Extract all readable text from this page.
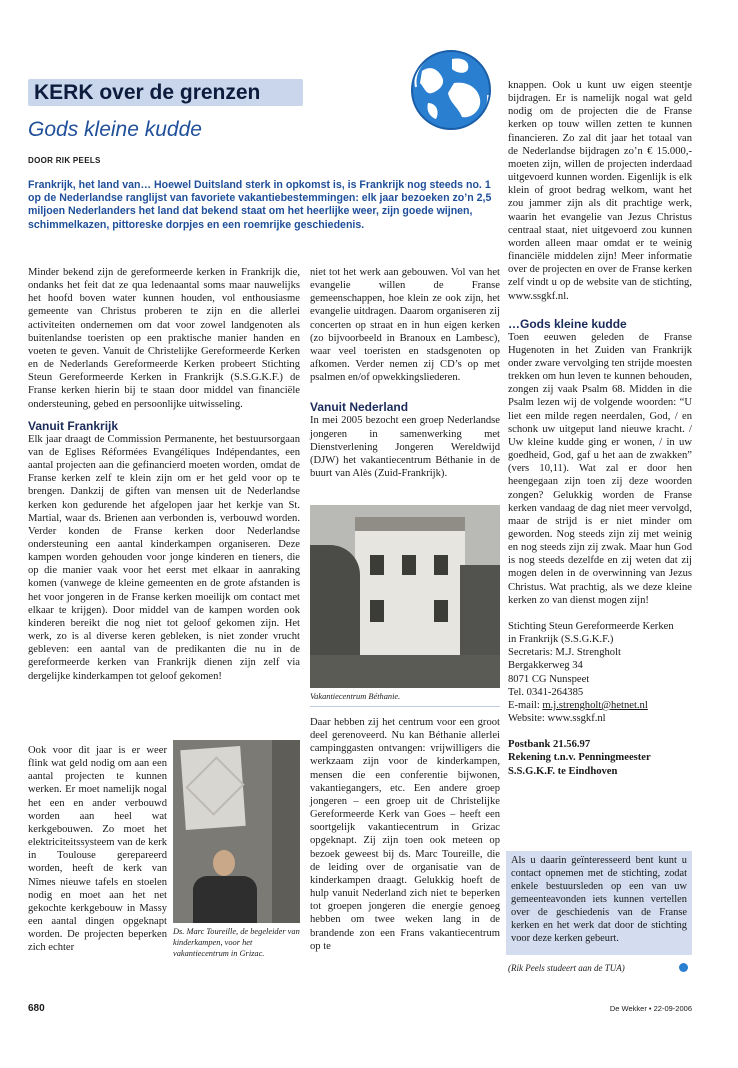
KERK over de grenzen
Gods kleine kudde
DOOR RIK PEELS

Frankrijk, het land van… Hoewel Duitsland sterk in opkomst is, is Frankrijk nog steeds no. 1 op de Nederlandse ranglijst van favoriete vakantiebestemmingen: elk jaar bezoeken zo’n 2,5 miljoen Nederlanders het land dat bekend staat om het heerlijke weer, zijn goede wijnen, schimmelkazen, pittoreske dorpjes en een roemrijke geschiedenis.

Minder bekend zijn de gereformeerde kerken in Frankrijk die, ondanks het feit dat ze qua ledenaantal soms maar nauwelijks het hoofd boven water kunnen houden, vol enthousiasme gemeente van Christus proberen te zijn en die allerlei activiteiten ondernemen om dat voor zowel landgenoten als buitenlandse toeristen op een praktische manier handen en voeten te geven. Vanuit de Christelijke Gereformeerde Kerken en de Nederlands Gereformeerde Kerken probeert Stichting Steun Gereformeerde Kerken in Frankrijk (S.S.G.K.F.) de Franse kerken hierin bij te staan door middel van financiële ondersteuning, gebed en persoonlijke uitwisseling.

Vanuit Frankrijk

Elk jaar draagt de Commission Permanente, het bestuursorgaan van de Eglises Réformées Evangéliques Indépendantes, een aantal projecten aan die gefinancierd moeten worden, omdat de Franse kerken zelf te klein zijn om er het geld voor op te brengen. Dankzij de giften van mensen uit de Nederlandse kerken kon gedurende het afgelopen jaar het kerkje van St. Martial, waar ds. Brienen aan verbonden is, verbouwd worden. Verder konden de Franse kerken door Nederlandse ondersteuning een aantal kinderkampen organiseren. Deze kampen worden gehouden voor jonge kinderen en tieners, die op die manier vaak voor het eerst met elkaar in aanraking komen (vanwege de kleine gemeenten en de grote afstanden is het voor jongeren in de Franse kerken moeilijk om contact met elkaar te krijgen). Door middel van de kampen worden ook kinderen bereikt die nog niet tot geloof gekomen zijn. Het werk, zo is al diverse keren gebleken, is niet zonder vrucht gebleven: een aantal van de predikanten die nu in de gereformeerde kerken van Frankrijk dienen zijn zelf via dergelijke kinderkampen tot geloof gekomen!

Ook voor dit jaar is er weer flink wat geld nodig om aan een aantal projecten te kunnen werken. Er moet namelijk nogal het een en ander verbouwd worden aan heel wat kerkgebouwen. Zo moet het elektriciteitssysteem van de kerk in Toulouse gerepareerd worden, heeft de kerk van Nîmes nieuwe tafels en stoelen nodig en moet aan het net gekochte kerkgebouw in Massy een aantal dingen opgeknapt worden. De projecten beperken zich echter

Ds. Marc Toureille, de begeleider van kinderkampen, voor het vakantiecentrum in Grizac.

niet tot het werk aan gebouwen. Vol van het evangelie willen de Franse gemeenschappen, hoe klein ze ook zijn, het evangelie uitdragen. Daarom organiseren zij concerten op straat en in hun eigen kerken (zo bijvoorbeeld in Branoux en Lambesc), waar veel toeristen en stadsgenoten op afkomen. Verder nemen zij CD’s op met psalmen en/of opwekkingsliederen.

Vanuit Nederland

In mei 2005 bezocht een groep Nederlandse jongeren in samenwerking met Dienstverlening Jongeren Wereldwijd (DJW) het vakantiecentrum Béthanie in de buurt van Alès (Zuid-Frankrijk).

Vakantiecentrum Béthanie.

Daar hebben zij het centrum voor een groot deel gerenoveerd. Nu kan Béthanie allerlei campinggasten ontvangen: vrijwilligers die werkzaam zijn voor de kinderkampen, mensen die een conferentie bijwonen, vakantiegangers, etc. Een andere groep jongeren – een groep uit de Christelijke Gereformeerde Kerk van Goes – heeft een soortgelijk vakantiecentrum in Grizac opgeknapt. Zij zijn toen ook meteen op bezoek geweest bij ds. Marc Toureille, die de leiding over de organisatie van de kinderkampen draagt. Gelukkig hoeft de hulp vanuit Nederland zich niet te beperken tot groepen jongeren die energie genoeg hebben om twee weken lang in de brandende zon een Frans vakantiecentrum op te

knappen. Ook u kunt uw eigen steentje bijdragen. Er is namelijk nogal wat geld nodig om de projecten die de Franse kerken op touw willen zetten te kunnen financieren. Zo zal dit jaar het totaal van de Nederlandse bijdragen zo’n € 15.000,- moeten zijn, willen de projecten inderdaad uitgevoerd kunnen worden. Eigenlijk is elk klein of groot bedrag welkom, want het zou jammer zijn als dit prachtige werk, waarin het evangelie van Jezus Christus centraal staat, niet uitgevoerd zou kunnen worden alleen maar omdat er te weinig financiële middelen zijn! Meer informatie over de projecten en over de Franse kerken zelf vindt u op de website van de stichting, www.ssgkf.nl.

…Gods kleine kudde

Toen eeuwen geleden de Franse Hugenoten in het Zuiden van Frankrijk onder zware vervolging ten strijde moesten trekken om hun leven te kunnen behouden, zongen zij vaak Psalm 68. Midden in die Psalm lezen wij de volgende woorden: “U liet een milde regen neerdalen, God, / en schonk uw uitgeput land nieuwe kracht. / Uw kleine kudde ging er wonen, / in uw goedheid, God, gaf u het aan de zwakken” (vers 10,11). Wat zal er door hen heengegaan zijn toen zij deze woorden zongen? Gelukkig worden de Franse kerken vandaag de dag niet meer vervolgd, maar de strijd is er niet minder om geworden. Nog steeds zijn zij met weinig en nog steeds zijn zij zwak. Maar hun God is nog steeds dezelfde en zij weten dat zij mogen delen in de overwinning van Jezus Christus. Wat prachtig, als we deze kleine kerken zo van dienst mogen zijn!

Stichting Steun Gereformeerde Kerken
in Frankrijk (S.S.G.K.F.)
Secretaris: M.J. Strengholt
Bergakkerweg 34
8071 CG Nunspeet
Tel. 0341-264385
E-mail: m.j.strengholt@hetnet.nl
Website: www.ssgkf.nl
Postbank 21.56.97
Rekening t.n.v. Penningmeester
S.S.G.K.F. te Eindhoven

Als u daarin geïnteresseerd bent kunt u contact opnemen met de stichting, zodat enkele bestuursleden op een van uw gemeenteavonden iets kunnen vertellen over de geschiedenis van de Franse kerken en het werk dat door de stichting voor deze kerken gebeurt.

(Rik Peels studeert aan de TUA)
680	De Wekker • 22-09-2006
